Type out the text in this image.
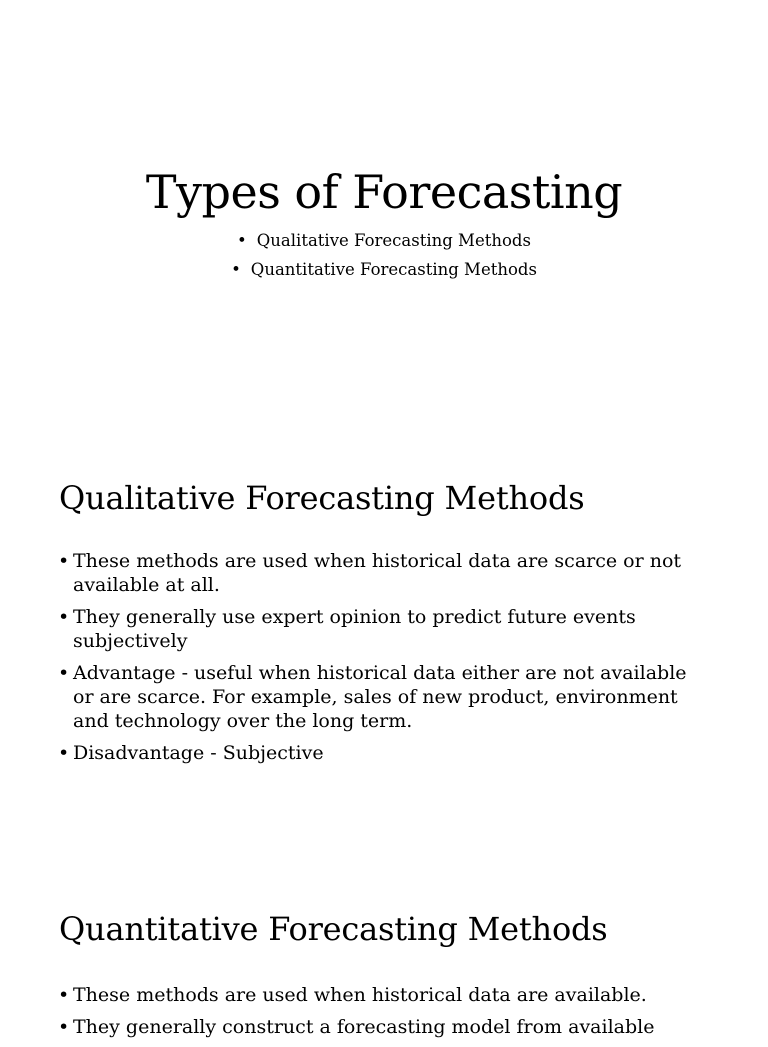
Types of Forecasting
• Qualitative Forecasting Methods
• Quantitative Forecasting Methods
Qualitative Forecasting Methods
• These methods are used when historical data are scarce or not available at all.
• They generally use expert opinion to predict future events subjectively
• Advantage - useful when historical data either are not available or are scarce. For example, sales of new product, environment and technology over the long term.
• Disadvantage - Subjective
Quantitative Forecasting Methods
• These methods are used when historical data are available.
• They generally construct a forecasting model from available
